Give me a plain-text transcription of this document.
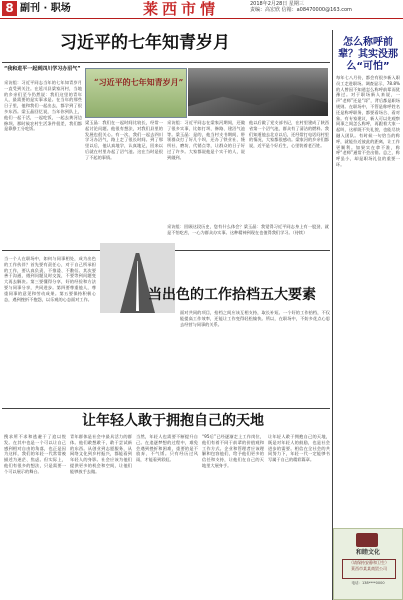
8 副刊 · 职场	莱西市情	2018年2月28日 星期三
责编：高宏欣 信箱：a08470000@163.com
习近平的七年知青岁月
“我和进平一起到四川学习办沼气”
采访组：习近平同志当年的七年知青岁月一直受到关注。在延川县梁家河村，当地的乡亲们至今仍然说：我们这里的青年人，最需要的是实事求是。在当年的那些日子里，他和我们一起出去，都学到了很多东西。梁玉晶回忆说，当年你到队上，他们一起干活，一起吃饭，一起去黄河边修坝。那时候农村生活条件很差，我们都是靠挣工分吃饭。
“习近平的七年知青岁月”
梁玉晶：我们在一起时间比较长，经常一起讨论问题。他很有想法，对我们县里的发展也很关心。有一次，我们一起去四川学习办沼气，路上走了很长时间。到了那里以后，他认真地学，认真地记，回来以后就在村里办起了沼气池。这在当时是很了不起的事情。
采访组：习近平同志在梁家河期间，还做了很多实事，比如打坝、修路、建沼气池等。梁玉晶：是的，他当村支书期间，带领群众打了好几个坝，还办了铁业社、缝纫社、磨坊、代销点等，让群众的日子好过了许多。大家都说他是个实干的人，说到做到。
他以后做了党支部书记，在村里建成了陕西省第一个沼气池，群众有了清洁的燃料。我们知道他去北京以后，还经常打电话问村里的情况，大家都很感动。梁家河的乡亲们都说，近平是个好后生，心里装着老百姓。
采访组：回顾这段历史，您有什么体会？梁玉晶：我觉得习近平同志身上有一股劲，就是不怕吃苦，一心为群众办实事。这种精神到现在也值得我们学习。（待续）
怎么称呼前辈？其实没那么“可怕”
每年七八月份，都会有很多新入职员工走进职场。调查显示，78.8%的人曾因不知道怎么称呼前辈而犹豫过。对于职场新人来说，一声“老师”还是“哥”，背后都是职场规则。在职场中，不管是称呼姓名还是称呼职务，都要看场合、看对象。有专家建议，新人可以先观察同事之间怎么称呼，再跟着大家一起叫，这样既不失礼貌，也能尽快融入团队。有时候一句恰当的称呼，就能拉近彼此的距离，让工作更顺利。如果实在拿不准，称呼“老师”通常不会出错。总之，称呼虽小，却是职场礼仪的重要一环。
当一个人在职场中，如何与同事相处，成为出色的工作伙伴？首先要有责任心，对于自己所承担的工作，要认真负责，不推诿、不敷衍。其次要善于沟通，遇到问题及时交流，不要等到问题变大再去解决。第三要懂得分享，好的经验和方法要与同事分享，共同进步。第四要尊重他人，尊重同事的意见和劳动成果。第五要保持积极心态，遇到挫折不抱怨，以乐观的心态面对工作。	当出色的工作拾档五大要素
面对共同的项目，拾档之间应该互相支持，取长补短。一个好的工作拾档，不仅能提高工作效率，还能让工作变得轻松愉快。所以，在职场中，不妨多花点心思去经营与同事的关系。
让年轻人敢于拥抱自己的天地
搜求所不求和逃避于了追以悦发。在其中也是一个可以让自己感到相对自由的角落，也正是因为这样，我们的年轻一代常常被描述为迷茫、焦虑。但实际上，他们有很多的想法，只是需要一个可以展示的舞台。
青年群体是社会中最具活力的群体。他们敢想敢干，敢于尝试新的东西。从创业到志愿服务，从网络文化到乡村振兴，都能看到年轻人的身影。社会应该为他们提供更多的机会和空间，让他们能够放手去做。
当然，年轻人也需要不断提升自己。在追逐梦想的过程中，难免会遇到挫折和困难，重要的是不放弃、不气馁。只有经历过风雨，才能看到彩虹。
“95后”已经逐渐走上工作岗位，他们有着不同于前辈的价值观和工作方式。企业和管理者应该理解和包容他们，给予他们更多的信任和支持，让他们在自己的天地里大展身手。
让年轻人敢于拥抱自己的天地，既是对年轻人的鼓励，也是社会进步的需要。相信在全社会的共同努力下，年轻一代一定能够书写属于自己的精彩篇章。
和睦文化
（请保持安静和卫生）
莱西市某某商贸公司
电话：138****0000
